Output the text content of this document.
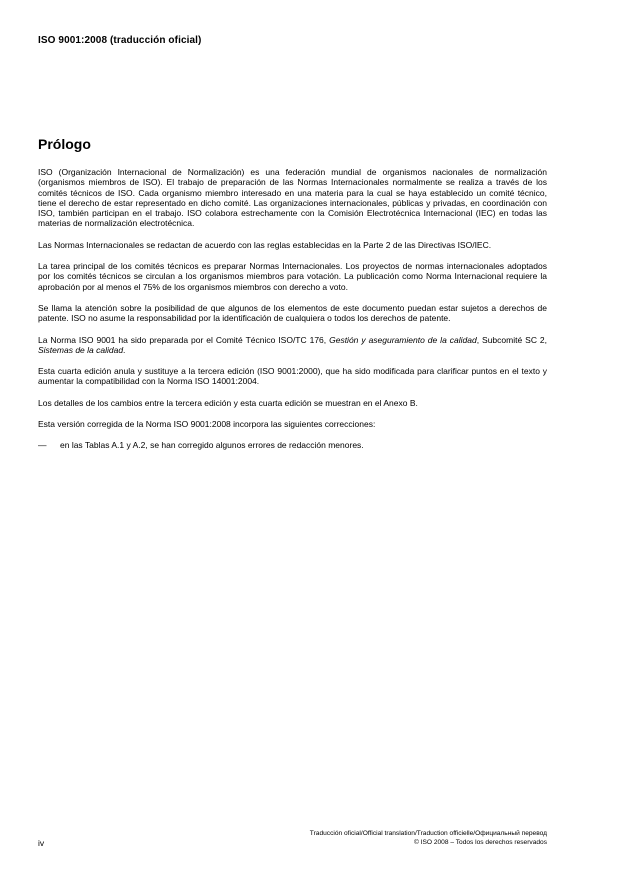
ISO 9001:2008 (traducción oficial)
Prólogo

ISO (Organización Internacional de Normalización) es una federación mundial de organismos nacionales de normalización (organismos miembros de ISO). El trabajo de preparación de las Normas Internacionales normalmente se realiza a través de los comités técnicos de ISO. Cada organismo miembro interesado en una materia para la cual se haya establecido un comité técnico, tiene el derecho de estar representado en dicho comité. Las organizaciones internacionales, públicas y privadas, en coordinación con ISO, también participan en el trabajo. ISO colabora estrechamente con la Comisión Electrotécnica Internacional (IEC) en todas las materias de normalización electrotécnica.

Las Normas Internacionales se redactan de acuerdo con las reglas establecidas en la Parte 2 de las Directivas ISO/IEC.

La tarea principal de los comités técnicos es preparar Normas Internacionales. Los proyectos de normas internacionales adoptados por los comités técnicos se circulan a los organismos miembros para votación. La publicación como Norma Internacional requiere la aprobación por al menos el 75% de los organismos miembros con derecho a voto.

Se llama la atención sobre la posibilidad de que algunos de los elementos de este documento puedan estar sujetos a derechos de patente. ISO no asume la responsabilidad por la identificación de cualquiera o todos los derechos de patente.

La Norma ISO 9001 ha sido preparada por el Comité Técnico ISO/TC 176, Gestión y aseguramiento de la calidad, Subcomité SC 2, Sistemas de la calidad.

Esta cuarta edición anula y sustituye a la tercera edición (ISO 9001:2000), que ha sido modificada para clarificar puntos en el texto y aumentar la compatibilidad con la Norma ISO 14001:2004.

Los detalles de los cambios entre la tercera edición y esta cuarta edición se muestran en el Anexo B.

Esta versión corregida de la Norma ISO 9001:2008 incorpora las siguientes correcciones:

—	en las Tablas A.1 y A.2, se han corregido algunos errores de redacción menores.
Traducción oficial/Official translation/Traduction officielle/Официальный перевод
© ISO 2008 – Todos los derechos reservados
iv
